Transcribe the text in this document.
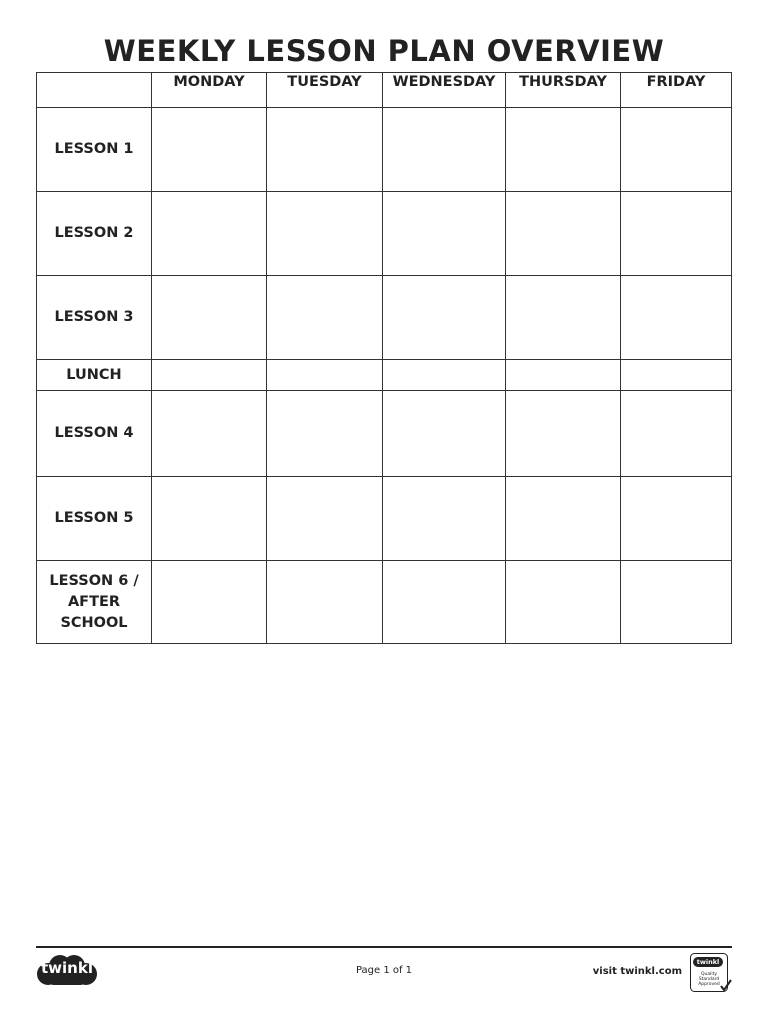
WEEKLY LESSON PLAN OVERVIEW
	MONDAY	TUESDAY	WEDNESDAY	THURSDAY	FRIDAY
LESSON 1					
LESSON 2					
LESSON 3					
LUNCH					
LESSON 4					
LESSON 5					

LESSON 6 /
AFTER
SCHOOL					

twinkl	Page 1 of 1	visit twinkl.com
twinkl
Quality Standard
Approved
